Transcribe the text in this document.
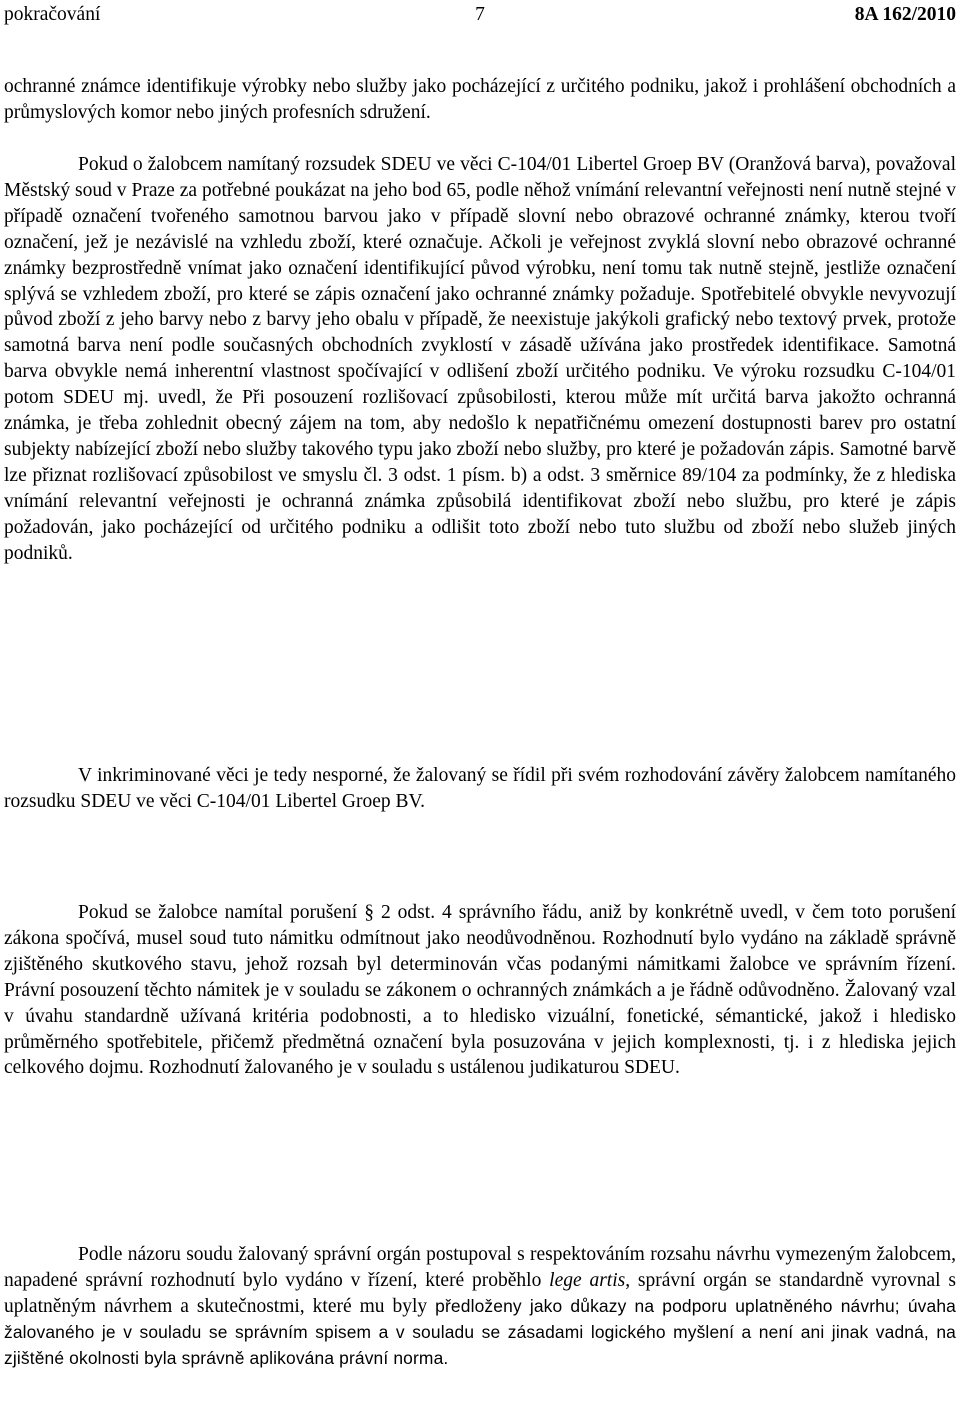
pokračování	7	8A 162/2010

ochranné známce identifikuje výrobky nebo služby jako pocházející z určitého podniku, jakož i prohlášení obchodních a průmyslových komor nebo jiných profesních sdružení.

Pokud o žalobcem namítaný rozsudek SDEU ve věci C-104/01 Libertel Groep BV (Oranžová barva), považoval Městský soud v Praze za potřebné poukázat na jeho bod 65, podle něhož vnímání relevantní veřejnosti není nutně stejné v případě označení tvořeného samotnou barvou jako v případě slovní nebo obrazové ochranné známky, kterou tvoří označení, jež je nezávislé na vzhledu zboží, které označuje. Ačkoli je veřejnost zvyklá slovní nebo obrazové ochranné známky bezprostředně vnímat jako označení identifikující původ výrobku, není tomu tak nutně stejně, jestliže označení splývá se vzhledem zboží, pro které se zápis označení jako ochranné známky požaduje. Spotřebitelé obvykle nevyvozují původ zboží z jeho barvy nebo z barvy jeho obalu v případě, že neexistuje jakýkoli grafický nebo textový prvek, protože samotná barva není podle současných obchodních zvyklostí v zásadě užívána jako prostředek identifikace. Samotná barva obvykle nemá inherentní vlastnost spočívající v odlišení zboží určitého podniku. Ve výroku rozsudku C-104/01 potom SDEU mj. uvedl, že Při posouzení rozlišovací způsobilosti, kterou může mít určitá barva jakožto ochranná známka, je třeba zohlednit obecný zájem na tom, aby nedošlo k nepatřičnému omezení dostupnosti barev pro ostatní subjekty nabízející zboží nebo služby takového typu jako zboží nebo služby, pro které je požadován zápis. Samotné barvě lze přiznat rozlišovací způsobilost ve smyslu čl. 3 odst. 1 písm. b) a odst. 3 směrnice 89/104 za podmínky, že z hlediska vnímání relevantní veřejnosti je ochranná známka způsobilá identifikovat zboží nebo službu, pro které je zápis požadován, jako pocházející od určitého podniku a odlišit toto zboží nebo tuto službu od zboží nebo služeb jiných podniků.

V inkriminované věci je tedy nesporné, že žalovaný se řídil při svém rozhodování závěry žalobcem namítaného rozsudku SDEU ve věci C-104/01 Libertel Groep BV.

Pokud se žalobce namítal porušení § 2 odst. 4 správního řádu, aniž by konkrétně uvedl, v čem toto porušení zákona spočívá, musel soud tuto námitku odmítnout jako neodůvodněnou. Rozhodnutí bylo vydáno na základě správně zjištěného skutkového stavu, jehož rozsah byl determinován včas podanými námitkami žalobce ve správním řízení. Právní posouzení těchto námitek je v souladu se zákonem o ochranných známkách a je řádně odůvodněno. Žalovaný vzal v úvahu standardně užívaná kritéria podobnosti, a to hledisko vizuální, fonetické, sémantické, jakož i hledisko průměrného spotřebitele, přičemž předmětná označení byla posuzována v jejich komplexnosti, tj. i z hlediska jejich celkového dojmu. Rozhodnutí žalovaného je v souladu s ustálenou judikaturou SDEU.

Podle názoru soudu žalovaný správní orgán postupoval s respektováním rozsahu návrhu vymezeným žalobcem, napadené správní rozhodnutí bylo vydáno v řízení, které proběhlo lege artis, správní orgán se standardně vyrovnal s uplatněným návrhem a skutečnostmi, které mu byly předloženy jako důkazy na podporu uplatněného návrhu; úvaha žalovaného je v souladu se správním spisem a v souladu se zásadami logického myšlení a není ani jinak vadná, na zjištěné okolnosti byla správně aplikována právní norma.
